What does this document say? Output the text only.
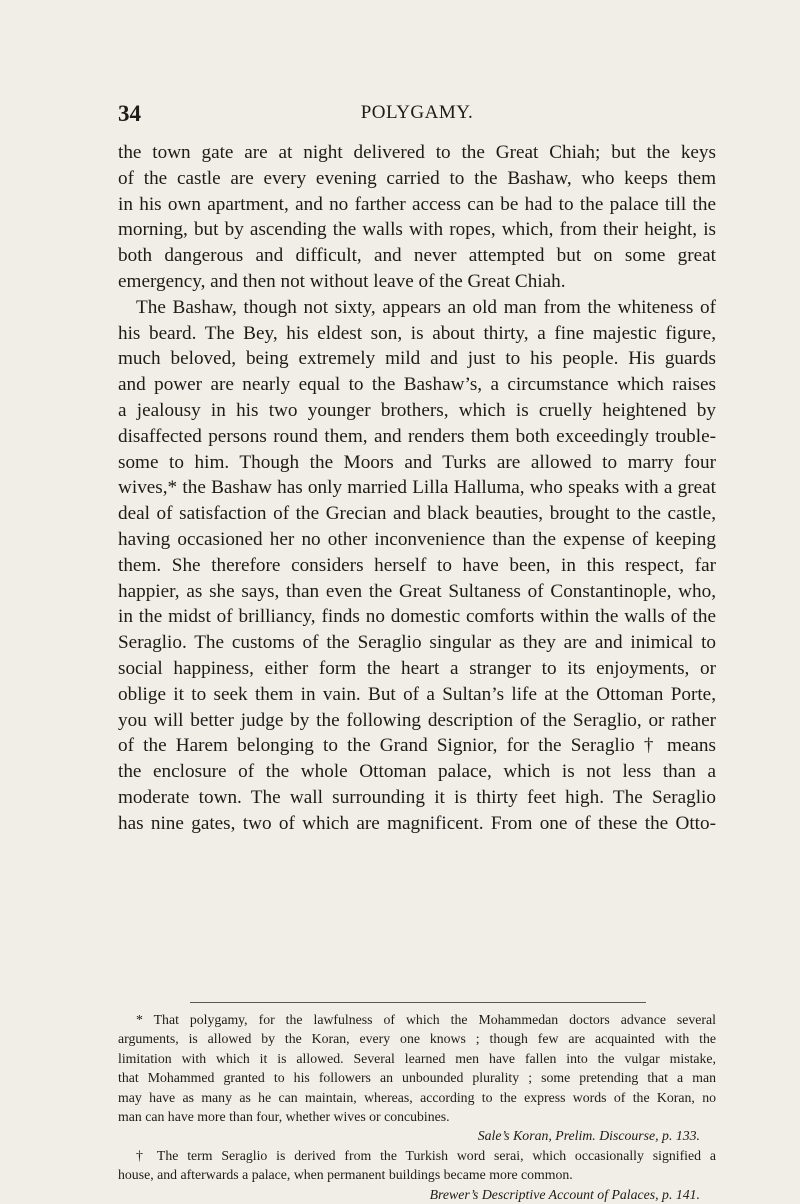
34	POLYGAMY.
the town gate are at night delivered to the Great Chiah; but the keys
of the castle are every evening carried to the Bashaw, who keeps them
in his own apartment, and no farther access can be had to the palace till the
morning, but by ascending the walls with ropes, which, from their height, is
both dangerous and difficult, and never attempted but on some great
emergency, and then not without leave of the Great Chiah.
The Bashaw, though not sixty, appears an old man from the whiteness of
his beard. The Bey, his eldest son, is about thirty, a fine majestic figure,
much beloved, being extremely mild and just to his people. His guards
and power are nearly equal to the Bashaw’s, a circumstance which raises
a jealousy in his two younger brothers, which is cruelly heightened by
disaffected persons round them, and renders them both exceedingly trouble-
some to him. Though the Moors and Turks are allowed to marry four
wives,* the Bashaw has only married Lilla Halluma, who speaks with a great
deal of satisfaction of the Grecian and black beauties, brought to the castle,
having occasioned her no other inconvenience than the expense of keeping
them. She therefore considers herself to have been, in this respect, far
happier, as she says, than even the Great Sultaness of Constantinople, who,
in the midst of brilliancy, finds no domestic comforts within the walls of the
Seraglio. The customs of the Seraglio singular as they are and inimical to
social happiness, either form the heart a stranger to its enjoyments, or
oblige it to seek them in vain. But of a Sultan’s life at the Ottoman Porte,
you will better judge by the following description of the Seraglio, or rather
of the Harem belonging to the Grand Signior, for the Seraglio † means
the enclosure of the whole Ottoman palace, which is not less than a
moderate town. The wall surrounding it is thirty feet high. The Seraglio
has nine gates, two of which are magnificent. From one of these the Otto-
* That polygamy, for the lawfulness of which the Mohammedan doctors advance several
arguments, is allowed by the Koran, every one knows ; though few are acquainted with the
limitation with which it is allowed. Several learned men have fallen into the vulgar mistake,
that Mohammed granted to his followers an unbounded plurality ; some pretending that a man
may have as many as he can maintain, whereas, according to the express words of the Koran, no
man can have more than four, whether wives or concubines.
Sale’s Koran, Prelim. Discourse, p. 133.
† The term Seraglio is derived from the Turkish word serai, which occasionally signified a
house, and afterwards a palace, when permanent buildings became more common.
Brewer’s Descriptive Account of Palaces, p. 141.
